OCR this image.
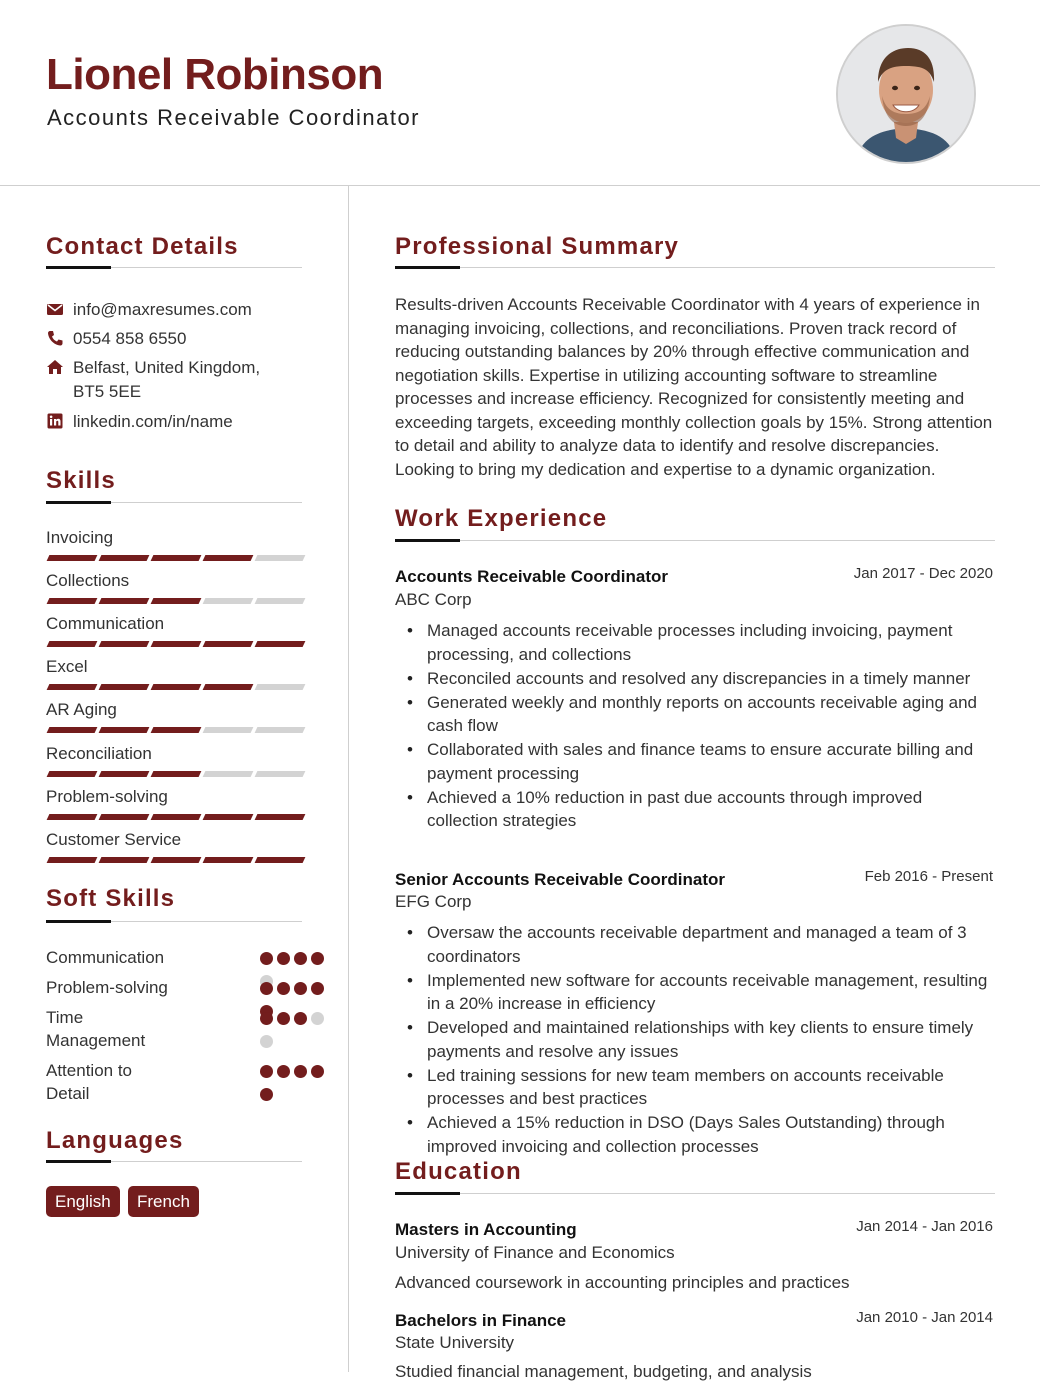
Lionel Robinson
Accounts Receivable Coordinator
Contact Details
info@maxresumes.com
0554 858 6550
Belfast, United Kingdom,
BT5 5EE
linkedin.com/in/name
Skills
Invoicing
Collections
Communication
Excel
AR Aging
Reconciliation
Problem-solving
Customer Service
Soft Skills
Communication
Problem-solving
Time Management
Attention to Detail
Languages
English	French
Professional Summary
Results-driven Accounts Receivable Coordinator with 4 years of experience in managing invoicing, collections, and reconciliations. Proven track record of reducing outstanding balances by 20% through effective communication and negotiation skills. Expertise in utilizing accounting software to streamline processes and increase efficiency. Recognized for consistently meeting and exceeding targets, exceeding monthly collection goals by 15%. Strong attention to detail and ability to analyze data to identify and resolve discrepancies. Looking to bring my dedication and expertise to a dynamic organization.
Work Experience
Accounts Receivable Coordinator	Jan 2017 - Dec 2020
ABC Corp
• Managed accounts receivable processes including invoicing, payment processing, and collections
• Reconciled accounts and resolved any discrepancies in a timely manner
• Generated weekly and monthly reports on accounts receivable aging and cash flow
• Collaborated with sales and finance teams to ensure accurate billing and payment processing
• Achieved a 10% reduction in past due accounts through improved collection strategies
Senior Accounts Receivable Coordinator	Feb 2016 - Present
EFG Corp
• Oversaw the accounts receivable department and managed a team of 3 coordinators
• Implemented new software for accounts receivable management, resulting in a 20% increase in efficiency
• Developed and maintained relationships with key clients to ensure timely payments and resolve any issues
• Led training sessions for new team members on accounts receivable processes and best practices
• Achieved a 15% reduction in DSO (Days Sales Outstanding) through improved invoicing and collection processes
Education
Masters in Accounting	Jan 2014 - Jan 2016
University of Finance and Economics
Advanced coursework in accounting principles and practices
Bachelors in Finance	Jan 2010 - Jan 2014
State University
Studied financial management, budgeting, and analysis
